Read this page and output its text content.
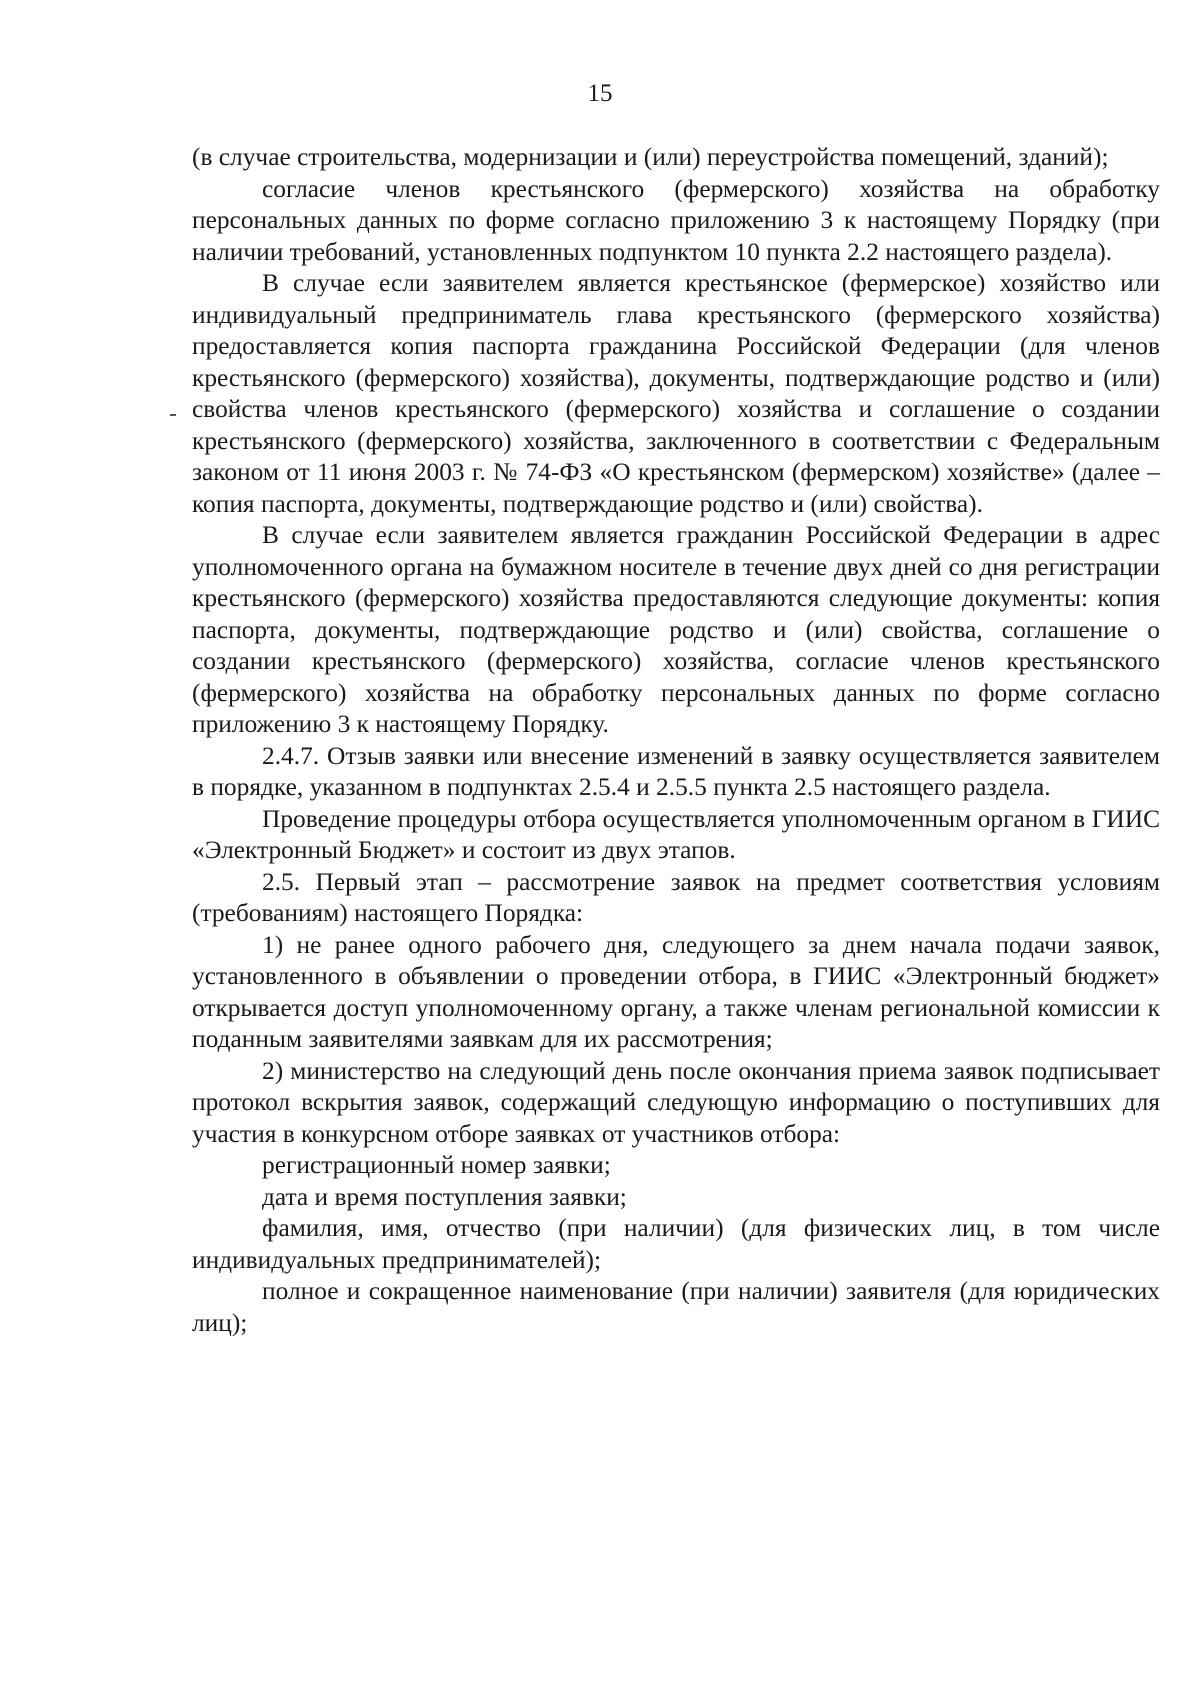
15

(в случае строительства, модернизации и (или) переустройства помещений, зданий);

согласие членов крестьянского (фермерского) хозяйства на обработку персональных данных по форме согласно приложению 3 к настоящему Порядку (при наличии требований, установленных подпунктом 10 пункта 2.2 настоящего раздела).

В случае если заявителем является крестьянское (фермерское) хозяйство или индивидуальный предприниматель глава крестьянского (фермерского хозяйства) предоставляется копия паспорта гражданина Российской Федерации (для членов крестьянского (фермерского) хозяйства), документы, подтверждающие родство и (или) свойства членов крестьянского (фермерского) хозяйства и соглашение о создании крестьянского (фермерского) хозяйства, заключенного в соответствии с Федеральным законом от 11 июня 2003 г. № 74-ФЗ «О крестьянском (фермерском) хозяйстве» (далее – копия паспорта, документы, подтверждающие родство и (или) свойства).

В случае если заявителем является гражданин Российской Федерации в адрес уполномоченного органа на бумажном носителе в течение двух дней со дня регистрации крестьянского (фермерского) хозяйства предоставляются следующие документы: копия паспорта, документы, подтверждающие родство и (или) свойства, соглашение о создании крестьянского (фермерского) хозяйства, согласие членов крестьянского (фермерского) хозяйства на обработку персональных данных по форме согласно приложению 3 к настоящему Порядку.

2.4.7. Отзыв заявки или внесение изменений в заявку осуществляется заявителем в порядке, указанном в подпунктах 2.5.4 и 2.5.5 пункта 2.5 настоящего раздела.

Проведение процедуры отбора осуществляется уполномоченным органом в ГИИС «Электронный Бюджет» и состоит из двух этапов.

2.5. Первый этап – рассмотрение заявок на предмет соответствия условиям (требованиям) настоящего Порядка:

1) не ранее одного рабочего дня, следующего за днем начала подачи заявок, установленного в объявлении о проведении отбора, в ГИИС «Электронный бюджет» открывается доступ уполномоченному органу, а также членам региональной комиссии к поданным заявителями заявкам для их рассмотрения;

2) министерство на следующий день после окончания приема заявок подписывает протокол вскрытия заявок, содержащий следующую информацию о поступивших для участия в конкурсном отборе заявках от участников отбора:

регистрационный номер заявки;

дата и время поступления заявки;

фамилия, имя, отчество (при наличии) (для физических лиц, в том числе индивидуальных предпринимателей);

полное и сокращенное наименование (при наличии) заявителя (для юридических лиц);
